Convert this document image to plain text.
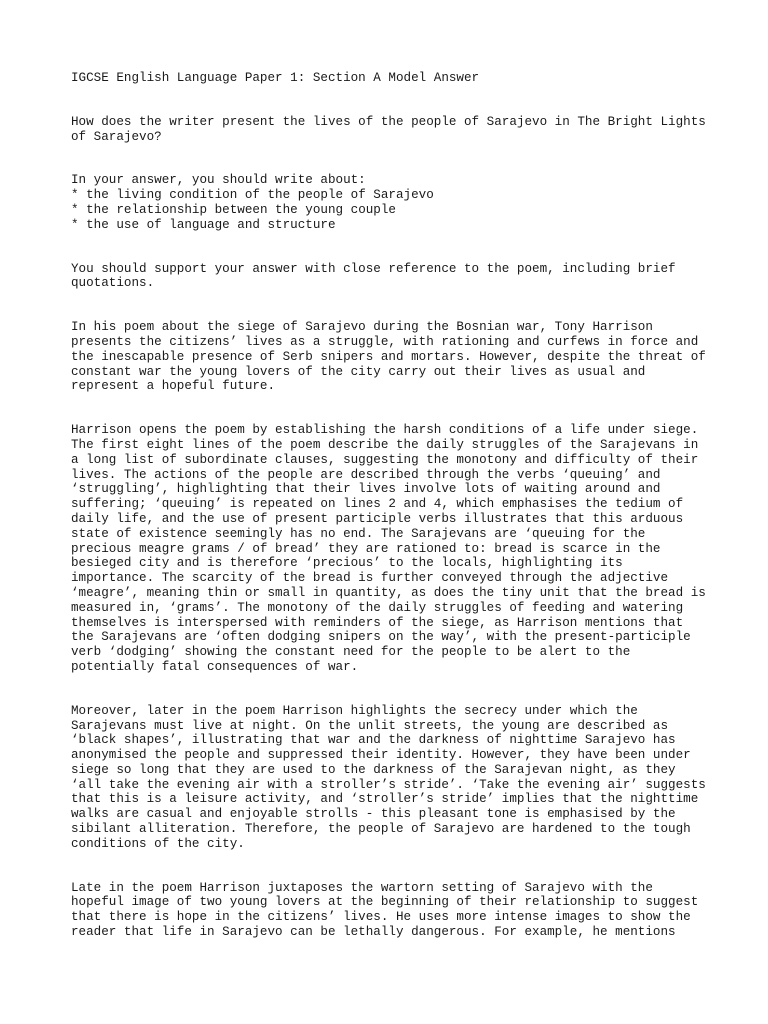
IGCSE English Language Paper 1: Section A Model Answer

How does the writer present the lives of the people of Sarajevo in The Bright Lights of Sarajevo?

In your answer, you should write about:

* the living condition of the people of Sarajevo
* the relationship between the young couple
* the use of language and structure

You should support your answer with close reference to the poem, including brief quotations.

In his poem about the siege of Sarajevo during the Bosnian war, Tony Harrison presents the citizens’ lives as a struggle, with rationing and curfews in force and the inescapable presence of Serb snipers and mortars. However, despite the threat of constant war the young lovers of the city carry out their lives as usual and represent a hopeful future.

Harrison opens the poem by establishing the harsh conditions of a life under siege. The first eight lines of the poem describe the daily struggles of the Sarajevans in a long list of subordinate clauses, suggesting the monotony and difficulty of their lives. The actions of the people are described through the verbs ‘queuing’ and ‘struggling’, highlighting that their lives involve lots of waiting around and suffering; ‘queuing’ is repeated on lines 2 and 4, which emphasises the tedium of daily life, and the use of present participle verbs illustrates that this arduous state of existence seemingly has no end. The Sarajevans are ‘queuing for the precious meagre grams / of bread’ they are rationed to: bread is scarce in the besieged city and is therefore ‘precious’ to the locals, highlighting its importance. The scarcity of the bread is further conveyed through the adjective ‘meagre’, meaning thin or small in quantity, as does the tiny unit that the bread is measured in, ‘grams’. The monotony of the daily struggles of feeding and watering themselves is interspersed with reminders of the siege, as Harrison mentions that the Sarajevans are ‘often dodging snipers on the way’, with the present-participle verb ‘dodging’ showing the constant need for the people to be alert to the potentially fatal consequences of war.

Moreover, later in the poem Harrison highlights the secrecy under which the Sarajevans must live at night. On the unlit streets, the young are described as ‘black shapes’, illustrating that war and the darkness of nighttime Sarajevo has anonymised the people and suppressed their identity. However, they have been under siege so long that they are used to the darkness of the Sarajevan night, as they ‘all take the evening air with a stroller’s stride’. ‘Take the evening air’ suggests that this is a leisure activity, and ‘stroller’s stride’ implies that the nighttime walks are casual and enjoyable strolls - this pleasant tone is emphasised by the sibilant alliteration. Therefore, the people of Sarajevo are hardened to the tough conditions of the city.

Late in the poem Harrison juxtaposes the wartorn setting of Sarajevo with the hopeful image of two young lovers at the beginning of their relationship to suggest that there is hope in the citizens’ lives. He uses more intense images to show the reader that life in Sarajevo can be lethally dangerous. For example, he mentions
